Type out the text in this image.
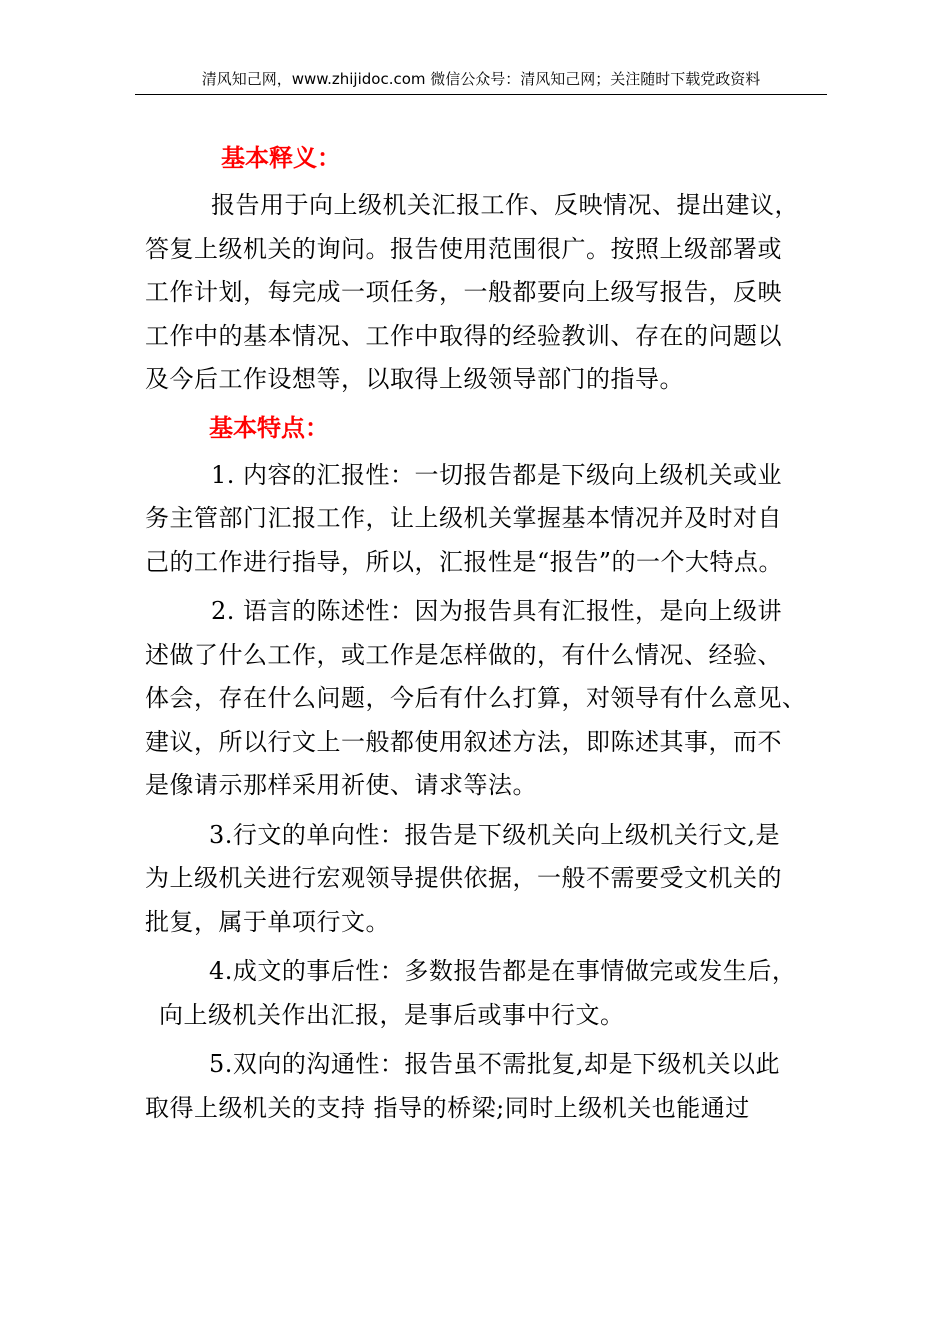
清风知己网，www.zhijidoc.com 微信公众号：清风知己网；关注随时下载党政资料
基本释义：
报告用于向上级机关汇报工作、反映情况、提出建议，
答复上级机关的询问。报告使用范围很广。按照上级部署或
工作计划，每完成一项任务，一般都要向上级写报告，反映
工作中的基本情况、工作中取得的经验教训、存在的问题以
及今后工作设想等，以取得上级领导部门的指导。
基本特点：
1. 内容的汇报性：一切报告都是下级向上级机关或业
务主管部门汇报工作，让上级机关掌握基本情况并及时对自
己的工作进行指导，所以，汇报性是“报告”的一个大特点。
2. 语言的陈述性：因为报告具有汇报性，是向上级讲
述做了什么工作，或工作是怎样做的，有什么情况、经验、
体会，存在什么问题，今后有什么打算，对领导有什么意见、
建议，所以行文上一般都使用叙述方法，即陈述其事，而不
是像请示那样采用祈使、请求等法。
3.行文的单向性：报告是下级机关向上级机关行文,是
为上级机关进行宏观领导提供依据，一般不需要受文机关的
批复，属于单项行文。
4.成文的事后性：多数报告都是在事情做完或发生后，
向上级机关作出汇报，是事后或事中行文。
5.双向的沟通性：报告虽不需批复,却是下级机关以此
取得上级机关的支持 指导的桥梁;同时上级机关也能通过
